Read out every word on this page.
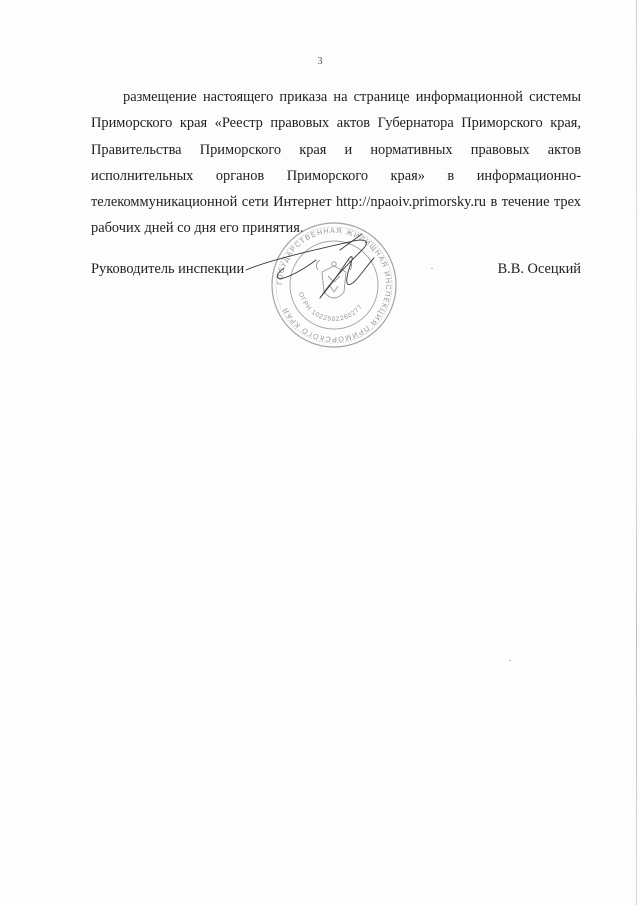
3

размещение настоящего приказа на странице информационной системы Приморского края «Реестр правовых актов Губернатора Приморского края, Правительства Приморского края и нормативных правовых актов исполнительных органов Приморского края» в информационно-телекоммуникационной сети Интернет http://npaoiv.primorsky.ru в течение трех рабочих дней со дня его принятия.

Руководитель инспекции	В.В. Осецкий
ГОСУДАРСТВЕННАЯ ЖИЛИЩНАЯ ИНСПЕКЦИЯ ПРИМОРСКОГО КРАЯ
ОГРН 1022502260277
